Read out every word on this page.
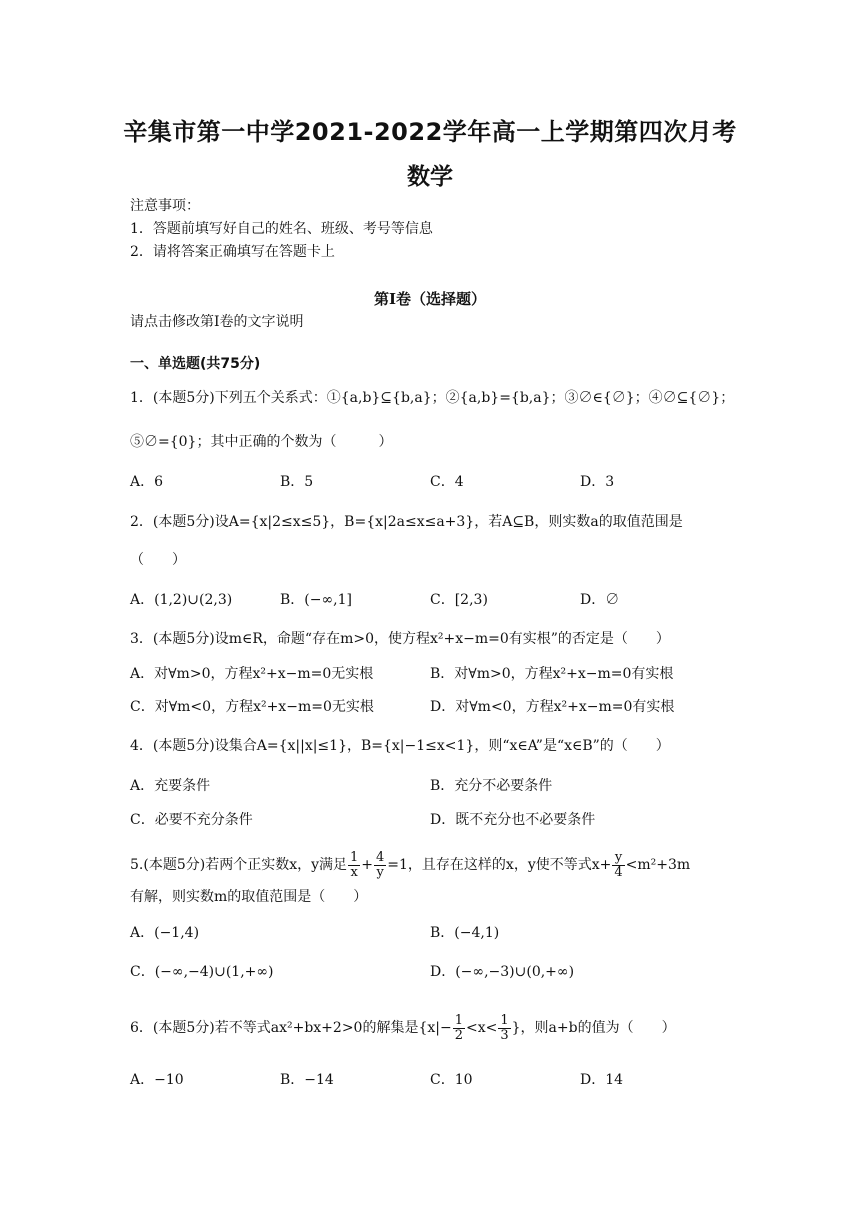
辛集市第一中学2021-2022学年高一上学期第四次月考
数学
注意事项：
1．答题前填写好自己的姓名、班级、考号等信息
2．请将答案正确填写在答题卡上
第I卷（选择题）
请点击修改第I卷的文字说明
一、单选题(共75分)
1．(本题5分)下列五个关系式：①{a,b}⊆{b,a}；②{a,b}={b,a}；③∅∈{∅}；④∅⊆{∅}；
⑤∅={0}；其中正确的个数为（　　　）
A．6	B．5	C．4	D．3
2．(本题5分)设A={x|2≤x≤5}，B={x|2a≤x≤a+3}，若A⊆B，则实数a的取值范围是
（　　）
A．(1,2)∪(2,3)	B．(−∞,1]	C．[2,3)	D．∅
3．(本题5分)设m∈R，命题“存在m>0，使方程x²+x−m=0有实根”的否定是（　　）
A．对∀m>0，方程x²+x−m=0无实根	B．对∀m>0，方程x²+x−m=0有实根
C．对∀m<0，方程x²+x−m=0无实根	D．对∀m<0，方程x²+x−m=0有实根
4．(本题5分)设集合A={x||x|≤1}，B={x|−1≤x<1}，则“x∈A”是“x∈B”的（　　）
A．充要条件	B．充分不必要条件
C．必要不充分条件	D．既不充分也不必要条件
5.(本题5分)若两个正实数x，y满足 $\frac{1}{x} + \frac{4}{y} =1$，且存在这样的x，y使不等式$x+ \frac{y}{4} <m^2+3m$
有解，则实数m的取值范围是（　　）
A．(−1,4)	B．(−4,1)
C．(−∞,−4)∪(1,+∞)	D．(−∞,−3)∪(0,+∞)
6．(本题5分)若不等式ax²+bx+2>0的解集是{$x|- \frac{1}{2} <x< \frac{1}{3}$ }，则a+b的值为（　　）
A．−10	B．−14	C．10	D．14
